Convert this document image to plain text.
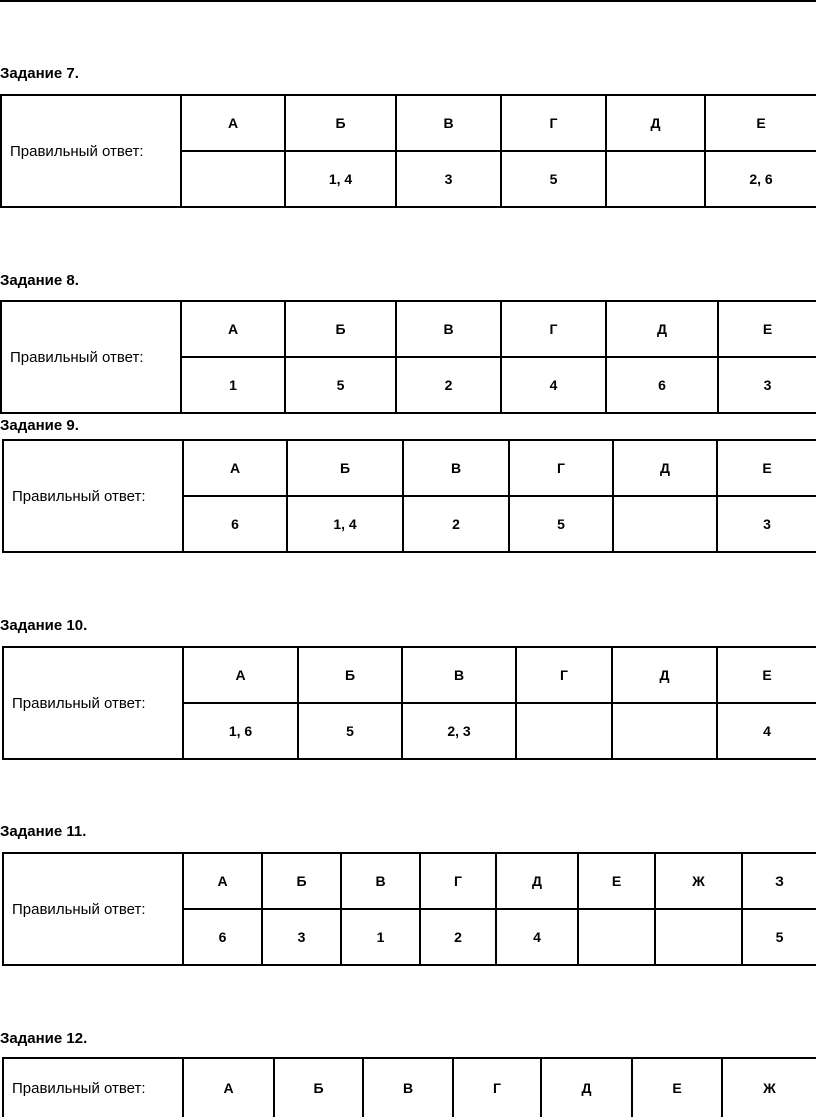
Задание 7.
Правильный ответ:	А	Б	В	Г	Д	Е
		1, 4	3	5		2, 6
Задание 8.
Правильный ответ:	А	Б	В	Г	Д	Е
	1	5	2	4	6	3
Задание 9.
Правильный ответ:	А	Б	В	Г	Д	Е
	6	1, 4	2	5		3
Задание 10.
Правильный ответ:	А	Б	В	Г	Д	Е
	1, 6	5	2, 3			4
Задание 11.
Правильный ответ:	А	Б	В	Г	Д	Е	Ж	З
	6	3	1	2	4			5
Задание 12.
Правильный ответ:	А	Б	В	Г	Д	Е	Ж
